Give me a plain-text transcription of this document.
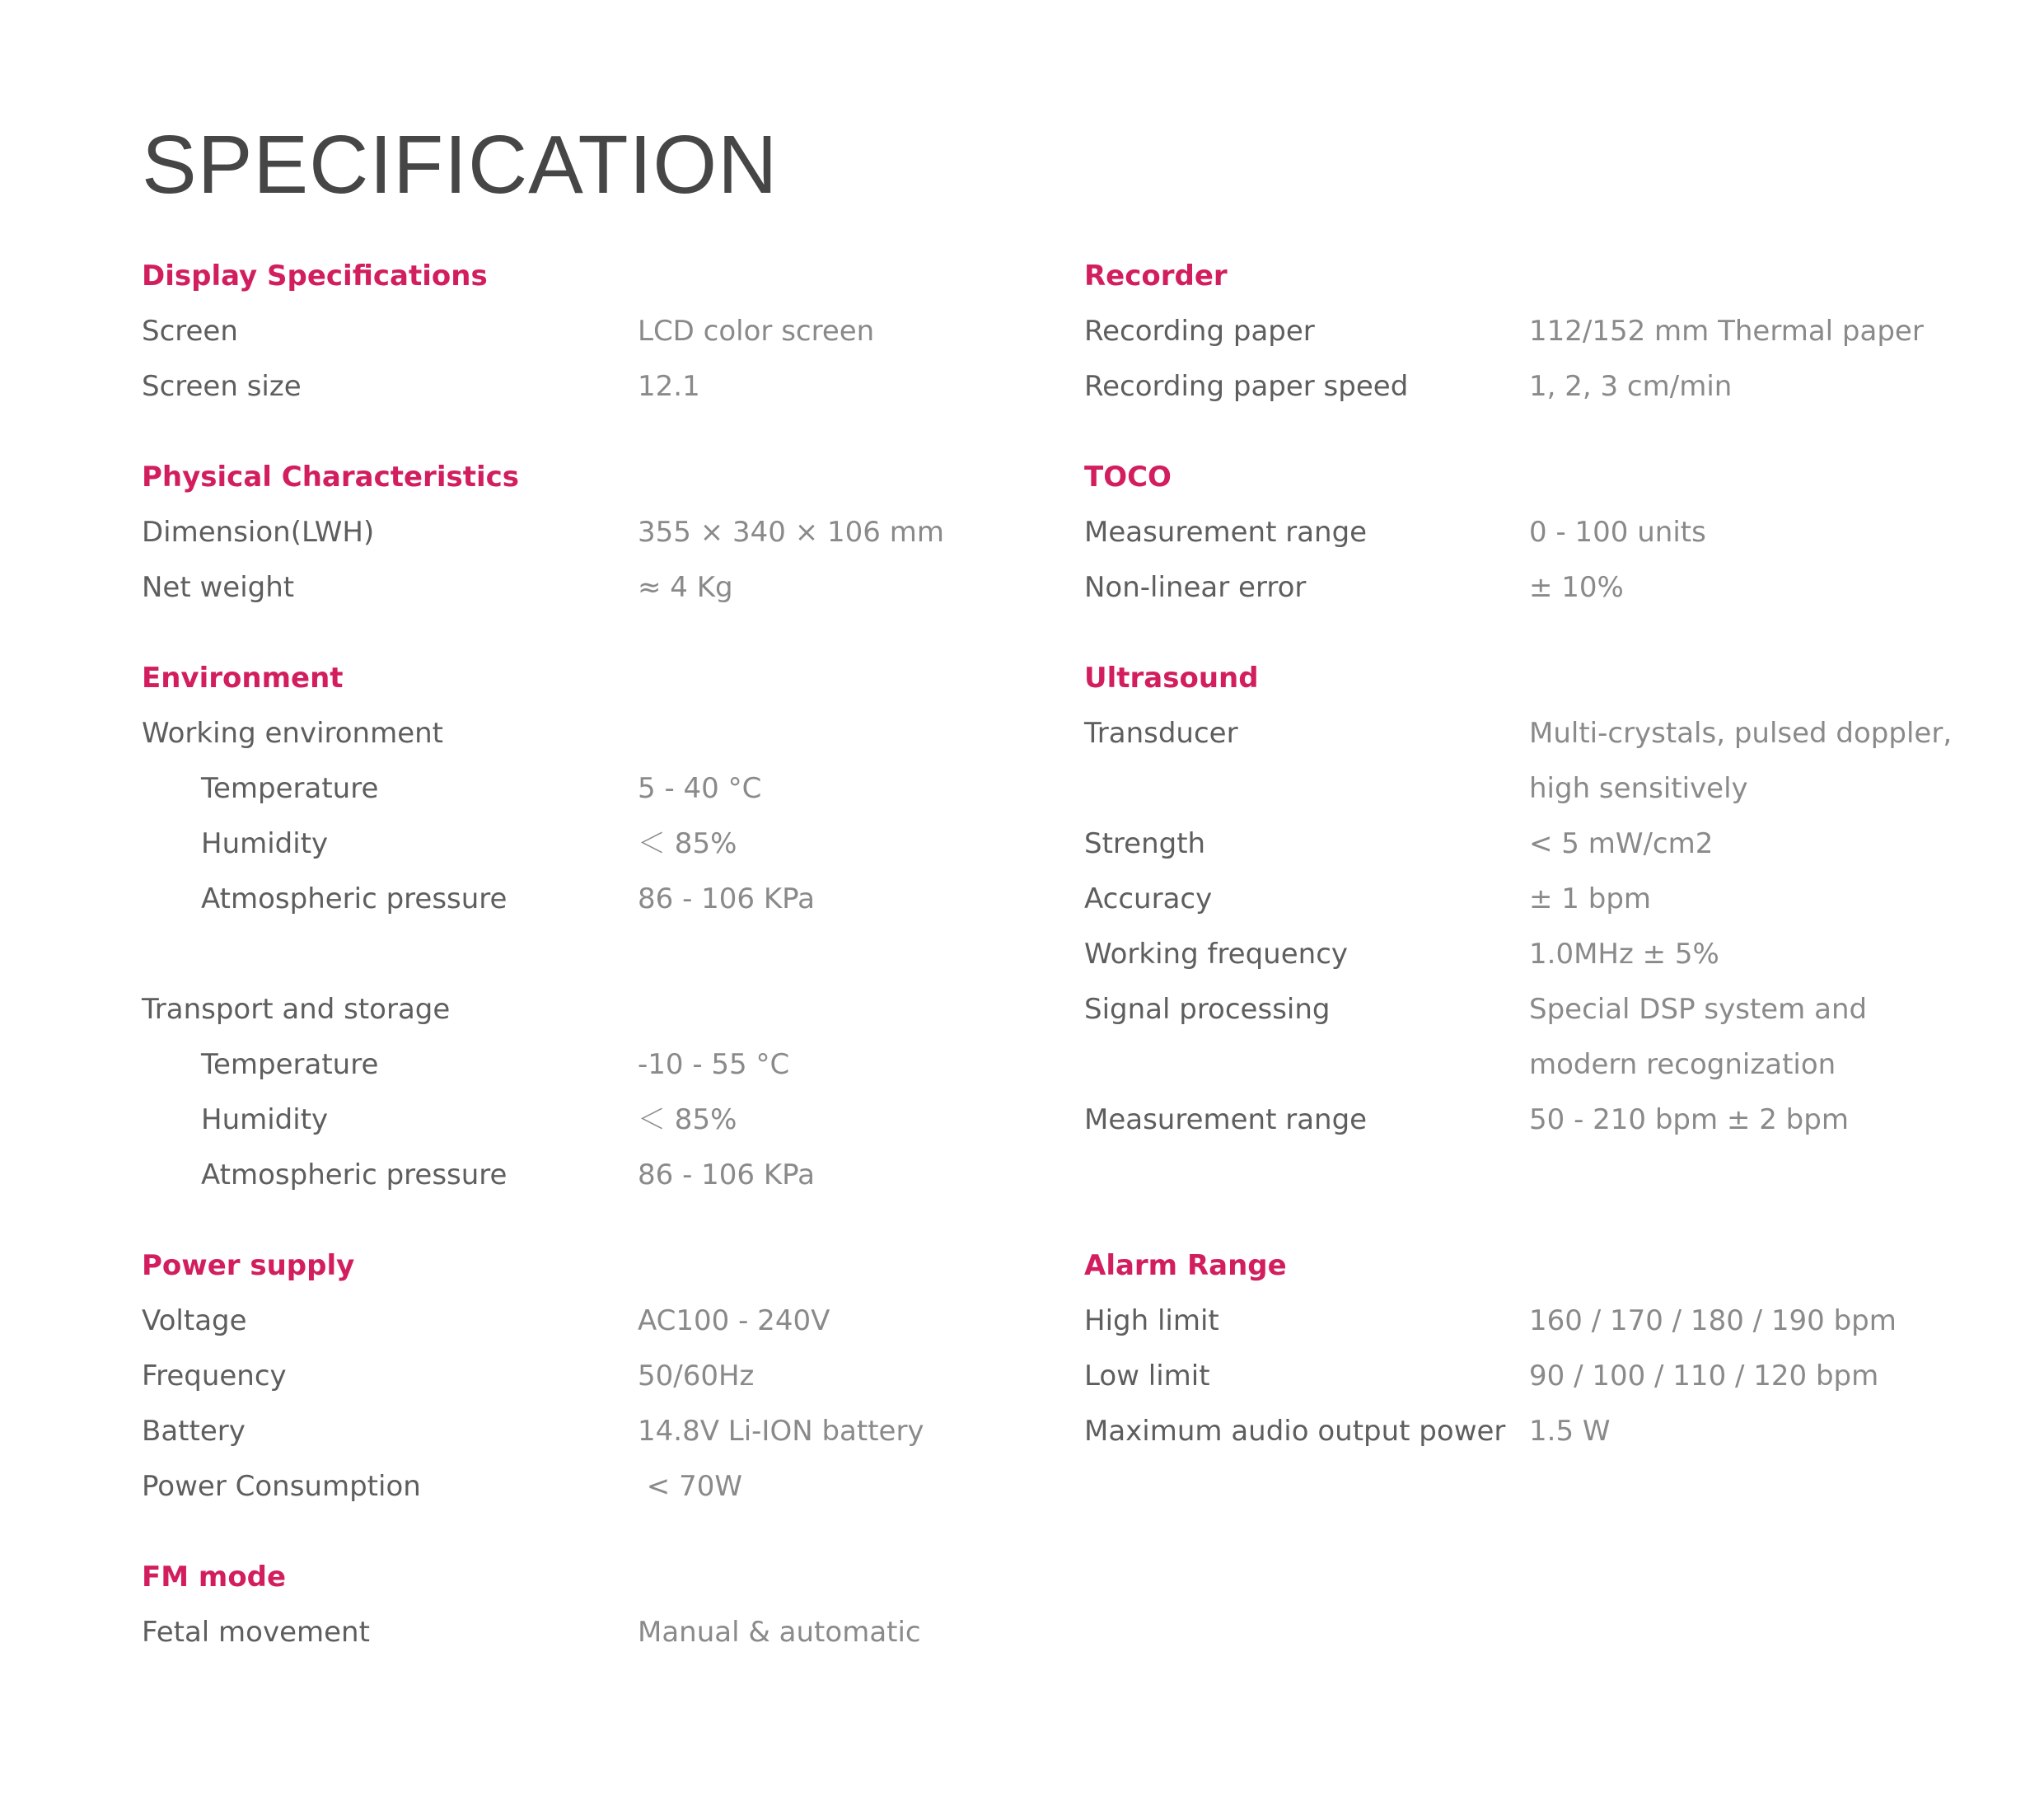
SPECIFICATION
Display Specifications
Screen	LCD color screen
Screen size	12.1
Physical Characteristics
Dimension(LWH)	355 × 340 × 106 mm
Net weight	≈ 4 Kg
Environment
Working environment
Temperature	5 - 40 °C
Humidity	＜ 85%
Atmospheric pressure	86 - 106 KPa
Transport and storage
Temperature	-10 - 55 °C
Humidity	＜ 85%
Atmospheric pressure	86 - 106 KPa
Power supply
Voltage	AC100 - 240V
Frequency	50/60Hz
Battery	14.8V Li-ION battery
Power Consumption	< 70W
FM mode
Fetal movement	Manual & automatic
Recorder
Recording paper	112/152 mm Thermal paper
Recording paper speed	1, 2, 3 cm/min
TOCO
Measurement range	0 - 100 units
Non-linear error	± 10%
Ultrasound
Transducer	Multi-crystals, pulsed doppler,
high sensitively
Strength	< 5 mW/cm2
Accuracy	± 1 bpm
Working frequency	1.0MHz ± 5%
Signal processing	Special DSP system and
modern recognization
Measurement range	50 - 210 bpm ± 2 bpm
Alarm Range
High limit	160 / 170 / 180 / 190 bpm
Low limit	90 / 100 / 110 / 120 bpm
Maximum audio output power 1.5 W
